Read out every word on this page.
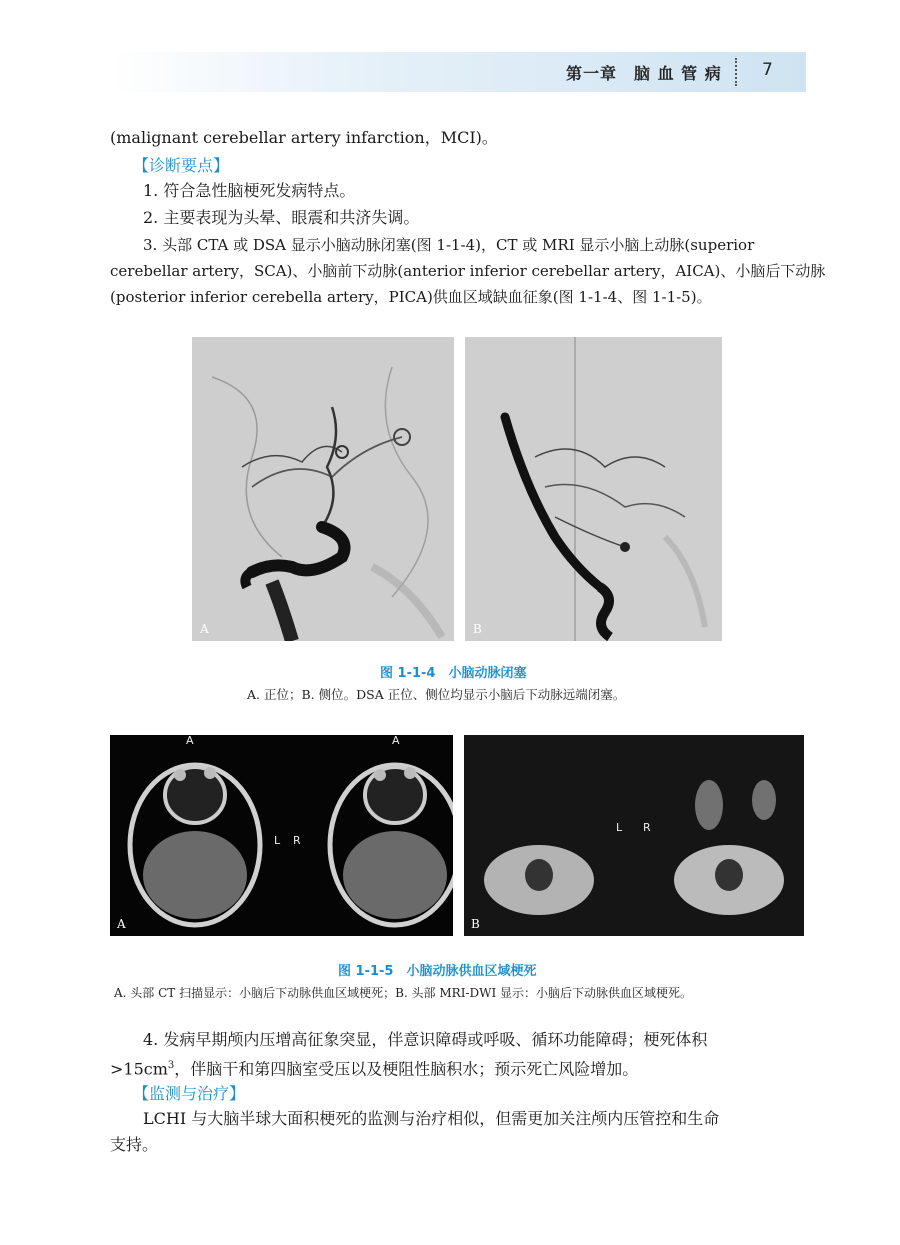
第一章　脑 血 管 病 7
(malignant cerebellar artery infarction，MCI)。
【诊断要点】
1. 符合急性脑梗死发病特点。
2. 主要表现为头晕、眼震和共济失调。
3. 头部 CTA 或 DSA 显示小脑动脉闭塞(图 1-1-4)，CT 或 MRI 显示小脑上动脉(superior
cerebellar artery，SCA)、小脑前下动脉(anterior inferior cerebellar artery，AICA)、小脑后下动脉
(posterior inferior cerebella artery，PICA)供血区域缺血征象(图 1-1-4、图 1-1-5)。
A	B
图 1-1-4　小脑动脉闭塞
A. 正位；B. 侧位。DSA 正位、侧位均显示小脑后下动脉远端闭塞。
A	A
L R
A
L R
B
图 1-1-5　小脑动脉供血区域梗死
A. 头部 CT 扫描显示：小脑后下动脉供血区域梗死；B. 头部 MRI-DWI 显示：小脑后下动脉供血区域梗死。
4. 发病早期颅内压增高征象突显，伴意识障碍或呼吸、循环功能障碍；梗死体积
$>15cm^3$，伴脑干和第四脑室受压以及梗阻性脑积水；预示死亡风险增加。
【监测与治疗】
LCHI 与大脑半球大面积梗死的监测与治疗相似，但需更加关注颅内压管控和生命
支持。
